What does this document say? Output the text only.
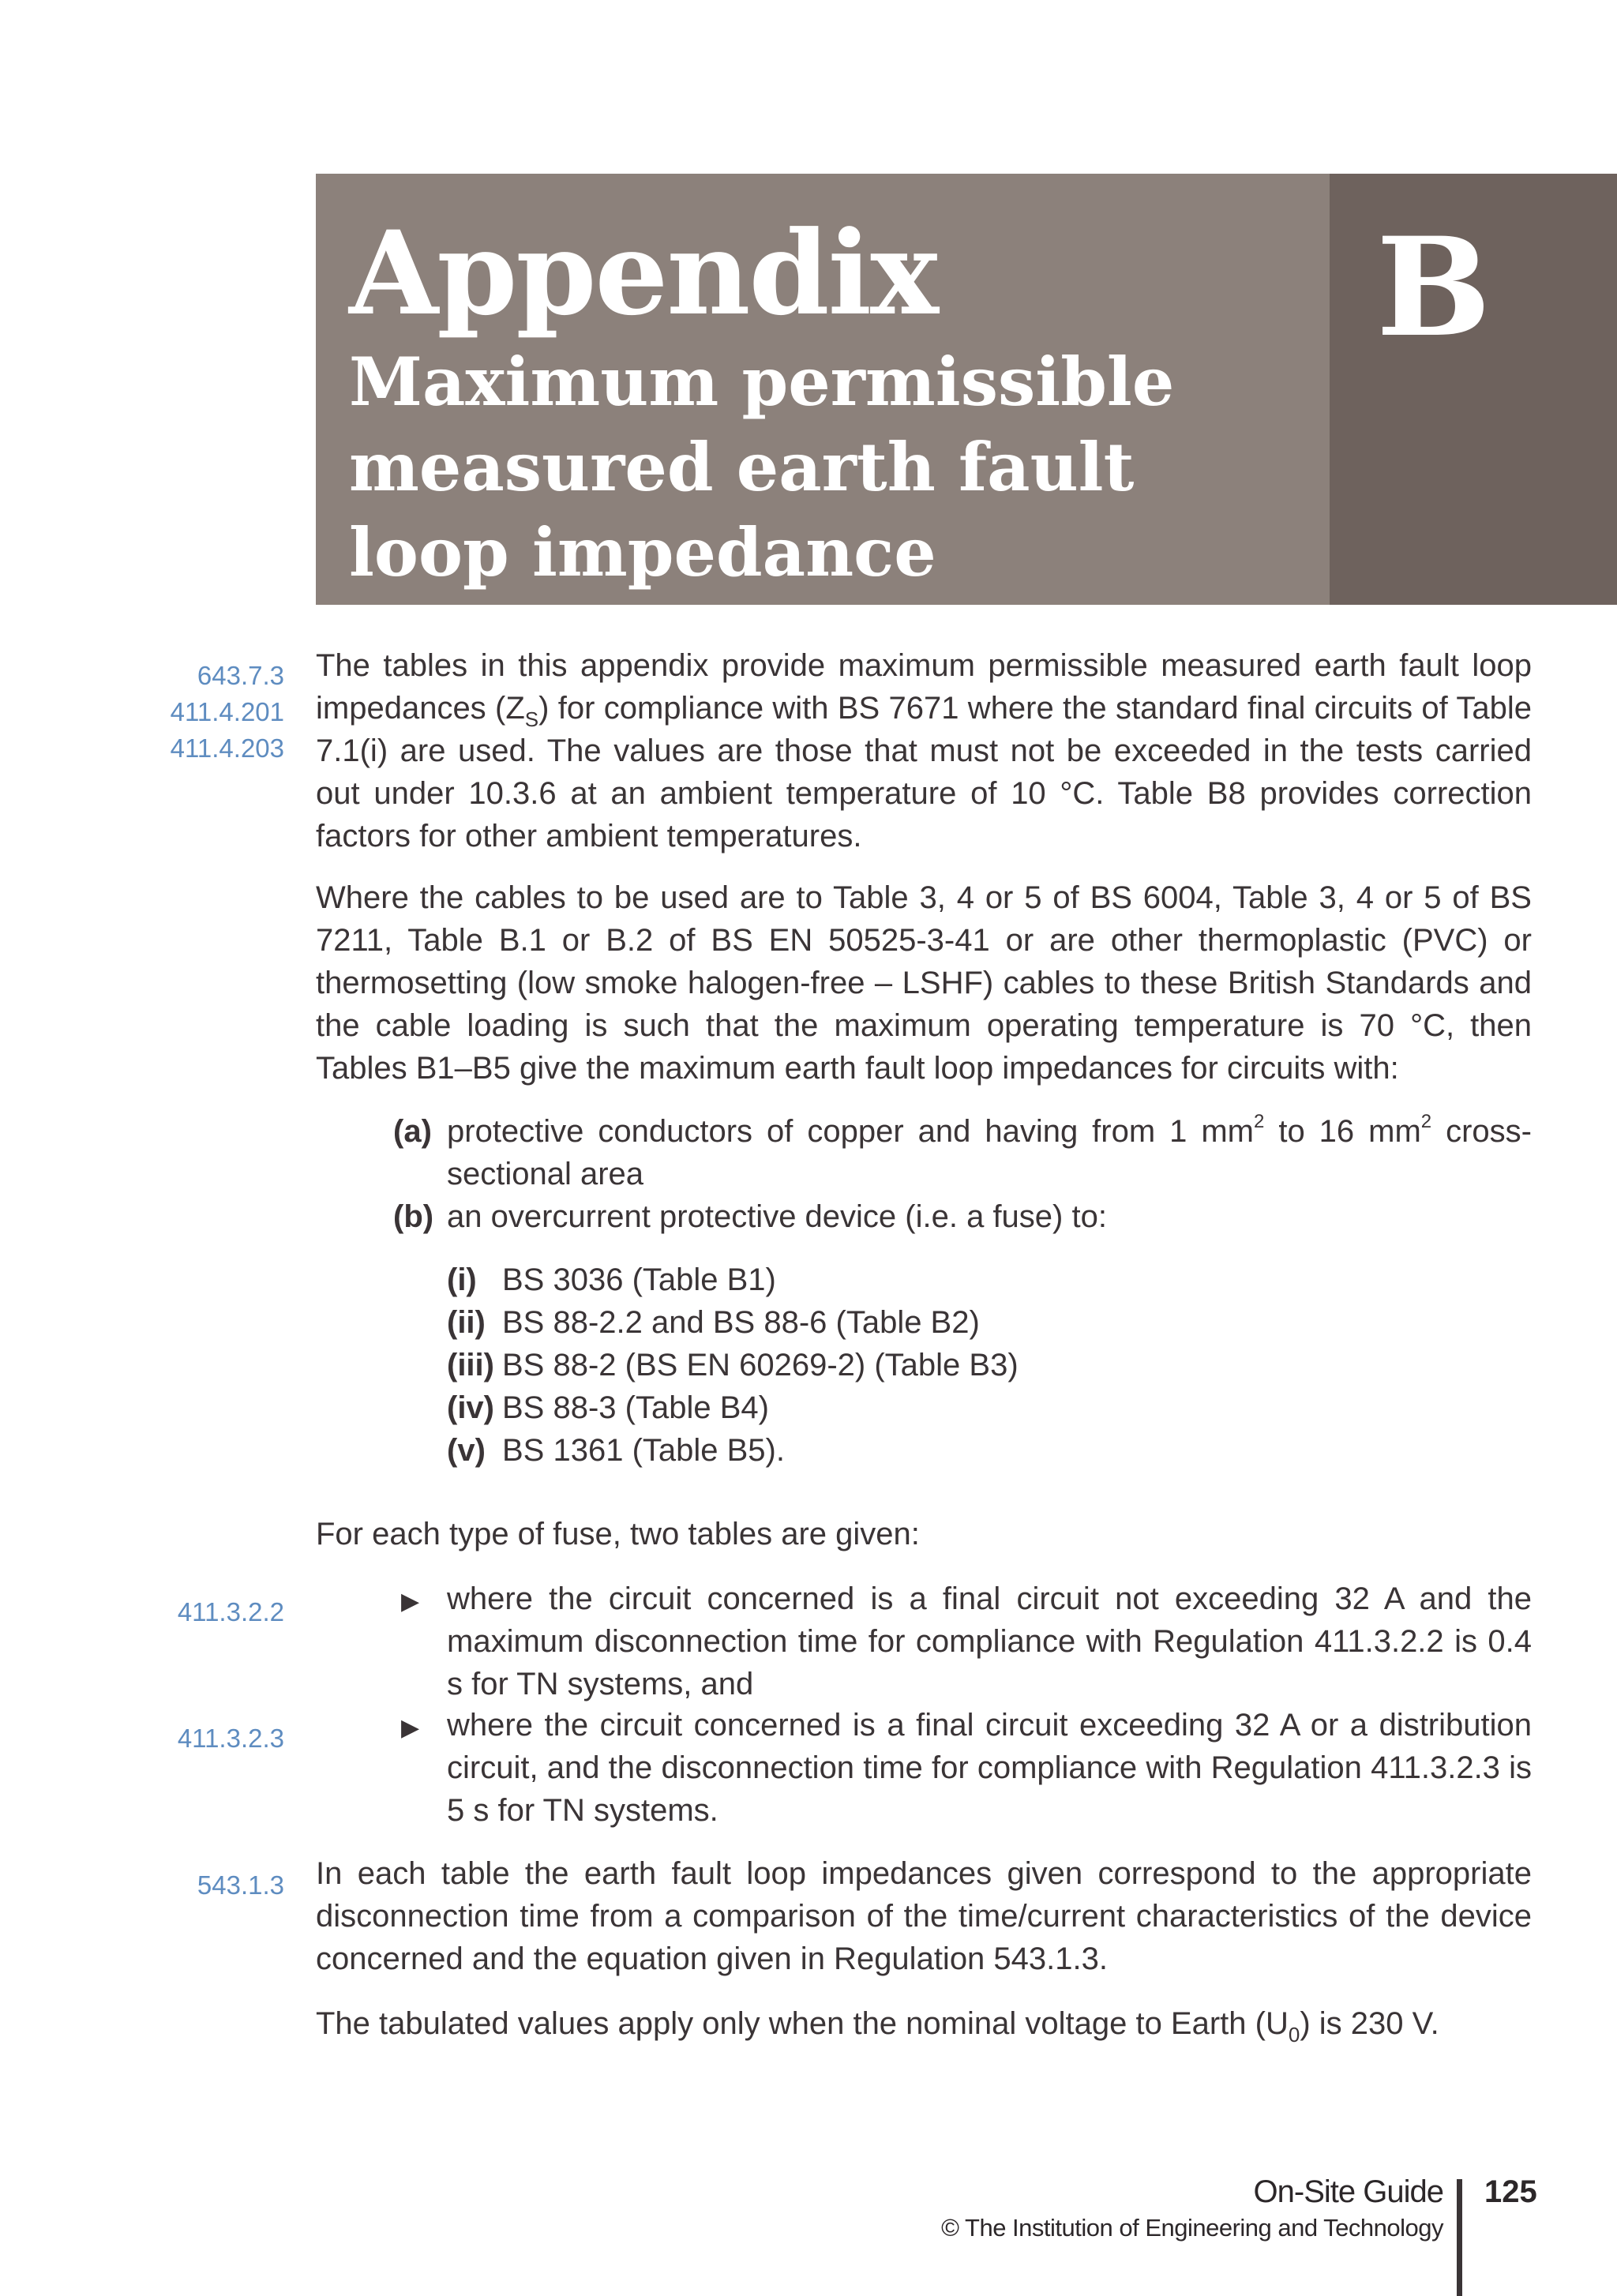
Appendix
Maximum permissible
measured earth fault
loop impedance
B
643.7.3
411.4.201
411.4.203

The tables in this appendix provide maximum permissible measured earth fault loop impedances $(Z_S)$ for compliance with BS 7671 where the standard final circuits of Table 7.1(i) are used. The values are those that must not be exceeded in the tests carried out under 10.3.6 at an ambient temperature of 10 °C. Table B8 provides correction factors for other ambient temperatures.

Where the cables to be used are to Table 3, 4 or 5 of BS 6004, Table 3, 4 or 5 of BS 7211, Table B.1 or B.2 of BS EN 50525-3-41 or are other thermoplastic (PVC) or thermosetting (low smoke halogen-free – LSHF) cables to these British Standards and the cable loading is such that the maximum operating temperature is 70 °C, then Tables B1–B5 give the maximum earth fault loop impedances for circuits with:

(a) protective conductors of copper and having from 1 $mm^2$ to 16 $mm^2$ cross-sectional area
(b) an overcurrent protective device (i.e. a fuse) to:
(i) BS 3036 (Table B1)
(ii) BS 88-2.2 and BS 88-6 (Table B2)
(iii) BS 88-2 (BS EN 60269-2) (Table B3)
(iv) BS 88-3 (Table B4)
(v) BS 1361 (Table B5).

For each type of fuse, two tables are given:

411.3.2.2	▶ where the circuit concerned is a final circuit not exceeding 32 A and the maximum disconnection time for compliance with Regulation 411.3.2.2 is 0.4 s for TN systems, and
411.3.2.3	▶ where the circuit concerned is a final circuit exceeding 32 A or a distribution circuit, and the disconnection time for compliance with Regulation 411.3.2.3 is 5 s for TN systems.
543.1.3 In each table the earth fault loop impedances given correspond to the appropriate disconnection time from a comparison of the time/current characteristics of the device concerned and the equation given in Regulation 543.1.3.

The tabulated values apply only when the nominal voltage to Earth $(U_0)$ is 230 V.

On-Site Guide
© The Institution of Engineering and Technology
125
